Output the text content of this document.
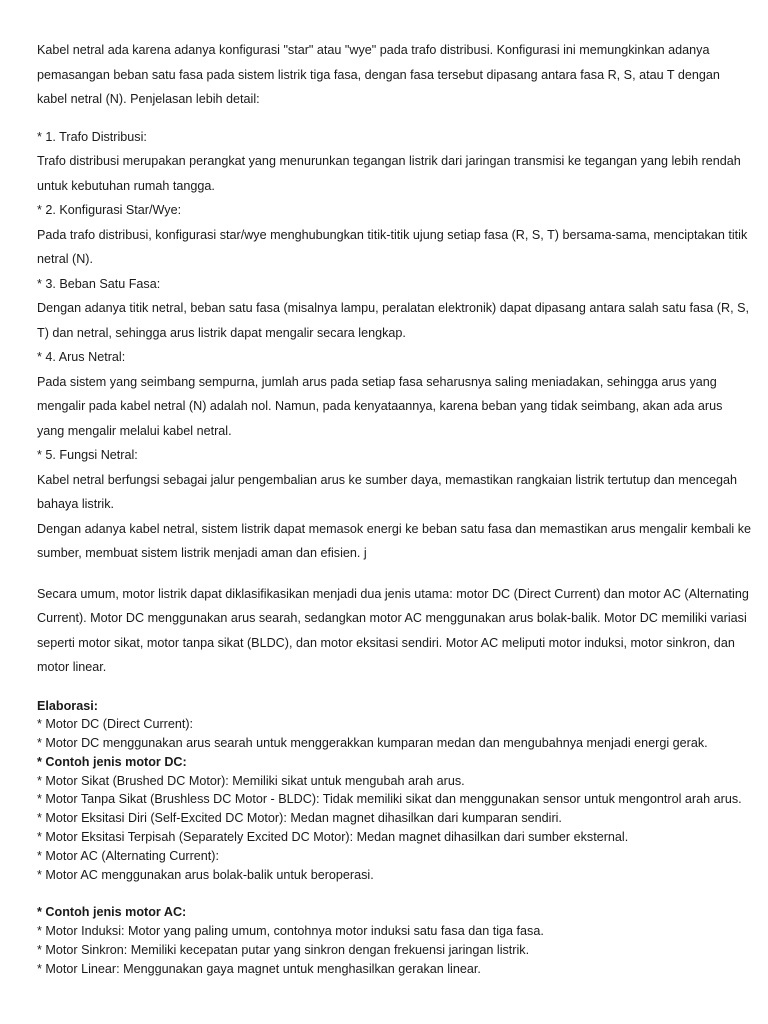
Kabel netral ada karena adanya konfigurasi "star" atau "wye" pada trafo distribusi. Konfigurasi ini memungkinkan adanya pemasangan beban satu fasa pada sistem listrik tiga fasa, dengan fasa tersebut dipasang antara fasa R, S, atau T dengan kabel netral (N). Penjelasan lebih detail:

* 1. Trafo Distribusi:

Trafo distribusi merupakan perangkat yang menurunkan tegangan listrik dari jaringan transmisi ke tegangan yang lebih rendah untuk kebutuhan rumah tangga.

* 2. Konfigurasi Star/Wye:

Pada trafo distribusi, konfigurasi star/wye menghubungkan titik-titik ujung setiap fasa (R, S, T) bersama-sama, menciptakan titik netral (N).

* 3. Beban Satu Fasa:

Dengan adanya titik netral, beban satu fasa (misalnya lampu, peralatan elektronik) dapat dipasang antara salah satu fasa (R, S, T) dan netral, sehingga arus listrik dapat mengalir secara lengkap.

* 4. Arus Netral:

Pada sistem yang seimbang sempurna, jumlah arus pada setiap fasa seharusnya saling meniadakan, sehingga arus yang mengalir pada kabel netral (N) adalah nol. Namun, pada kenyataannya, karena beban yang tidak seimbang, akan ada arus yang mengalir melalui kabel netral.

* 5. Fungsi Netral:

Kabel netral berfungsi sebagai jalur pengembalian arus ke sumber daya, memastikan rangkaian listrik tertutup dan mencegah bahaya listrik.

Dengan adanya kabel netral, sistem listrik dapat memasok energi ke beban satu fasa dan memastikan arus mengalir kembali ke sumber, membuat sistem listrik menjadi aman dan efisien. j

Secara umum, motor listrik dapat diklasifikasikan menjadi dua jenis utama: motor DC (Direct Current) dan motor AC (Alternating Current). Motor DC menggunakan arus searah, sedangkan motor AC menggunakan arus bolak-balik. Motor DC memiliki variasi seperti motor sikat, motor tanpa sikat (BLDC), dan motor eksitasi sendiri. Motor AC meliputi motor induksi, motor sinkron, dan motor linear.

Elaborasi:

* Motor DC (Direct Current):

* Motor DC menggunakan arus searah untuk menggerakkan kumparan medan dan mengubahnya menjadi energi gerak.

* Contoh jenis motor DC:

* Motor Sikat (Brushed DC Motor): Memiliki sikat untuk mengubah arah arus.

* Motor Tanpa Sikat (Brushless DC Motor - BLDC): Tidak memiliki sikat dan menggunakan sensor untuk mengontrol arah arus.

* Motor Eksitasi Diri (Self-Excited DC Motor): Medan magnet dihasilkan dari kumparan sendiri.

* Motor Eksitasi Terpisah (Separately Excited DC Motor): Medan magnet dihasilkan dari sumber eksternal.

* Motor AC (Alternating Current):

* Motor AC menggunakan arus bolak-balik untuk beroperasi.

* Contoh jenis motor AC:

* Motor Induksi: Motor yang paling umum, contohnya motor induksi satu fasa dan tiga fasa.

* Motor Sinkron: Memiliki kecepatan putar yang sinkron dengan frekuensi jaringan listrik.

* Motor Linear: Menggunakan gaya magnet untuk menghasilkan gerakan linear.
